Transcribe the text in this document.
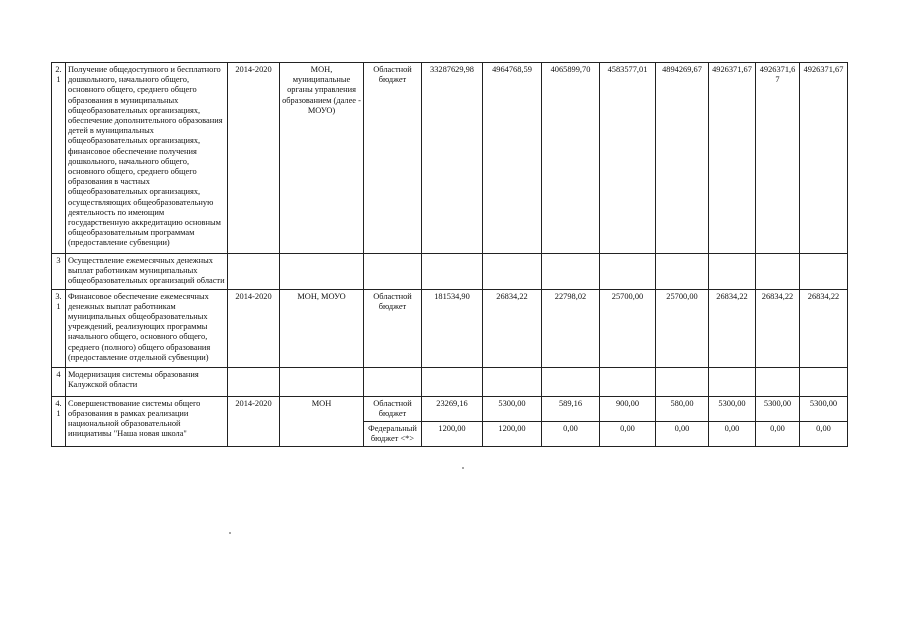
2.1	Получение общедоступного и бесплатного дошкольного, начального общего, основного общего, среднего общего образования в муниципальных общеобразовательных организациях, обеспечение дополнительного образования детей в муниципальных общеобразовательных организациях, финансовое обеспечение получения дошкольного, начального общего, основного общего, среднего общего образования в частных общеобразовательных организациях, осуществляющих общеобразовательную деятельность по имеющим государственную аккредитацию основным общеобразовательным программам (предоставление субвенции)	2014-2020	МОН, муниципальные органы управления образованием (далее - МОУО)	Областной бюджет	33287629,98	4964768,59	4065899,70	4583577,01	4894269,67	4926371,67	4926371,67	4926371,67
3	Осуществление ежемесячных денежных выплат работникам муниципальных общеобразовательных организаций области											
3.1	Финансовое обеспечение ежемесячных денежных выплат работникам муниципальных общеобразовательных учреждений, реализующих программы начального общего, основного общего, среднего (полного) общего образования (предоставление отдельной субвенции)	2014-2020	МОН, МОУО	Областной бюджет	181534,90	26834,22	22798,02	25700,00	25700,00	26834,22	26834,22	26834,22
4	Модернизация системы образования Калужской области											
4.1	Совершенствование системы общего образования в рамках реализации национальной образовательной инициативы "Наша новая школа"	2014-2020	МОН	Областной бюджет	23269,16	5300,00	589,16	900,00	580,00	5300,00	5300,00	5300,00
				Федеральный бюджет <*>	1200,00	1200,00	0,00	0,00	0,00	0,00	0,00	0,00
